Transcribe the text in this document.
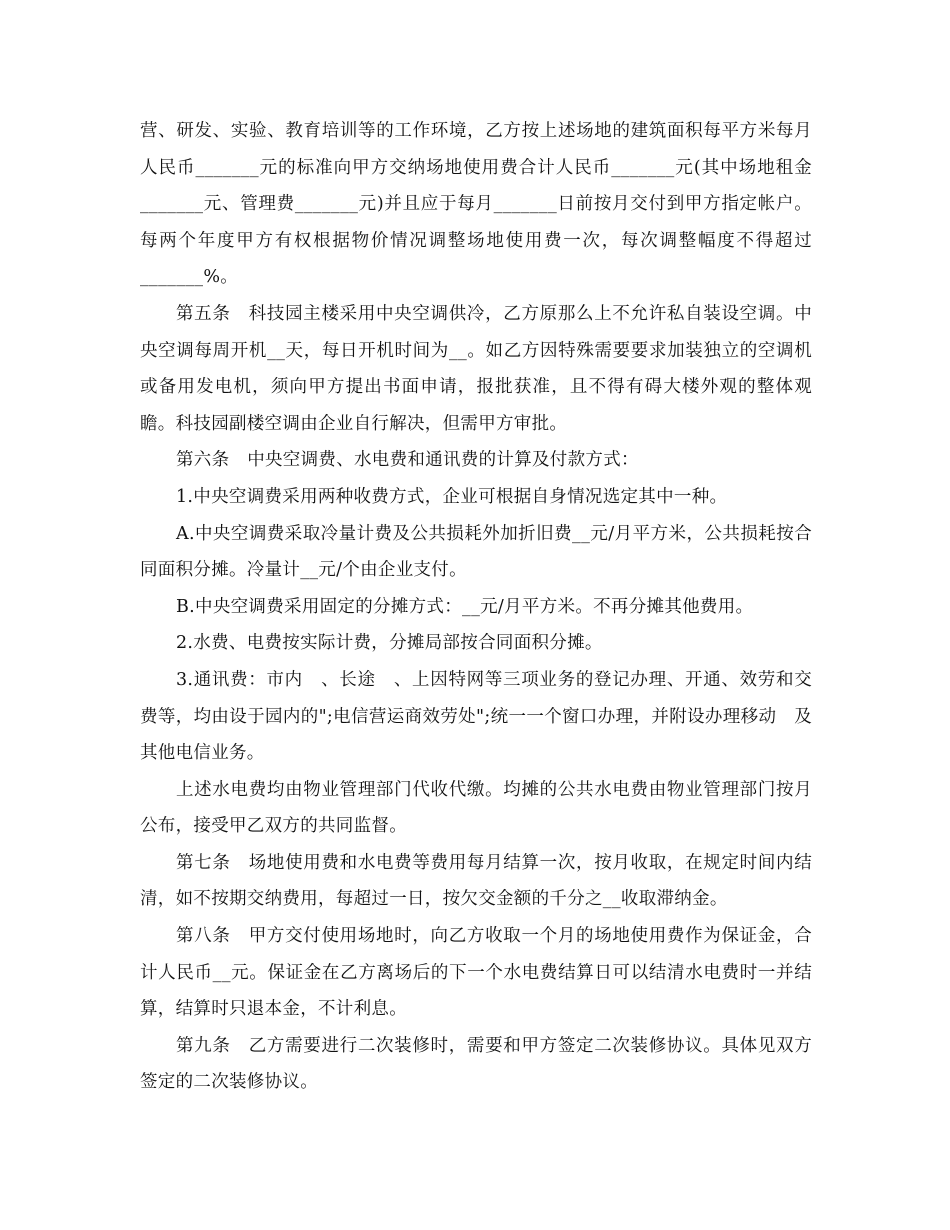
营、研发、实验、教育培训等的工作环境，乙方按上述场地的建筑面积每平方米每月人民币_______元的标准向甲方交纳场地使用费合计人民币_______元(其中场地租金_______元、管理费_______元)并且应于每月_______日前按月交付到甲方指定帐户。每两个年度甲方有权根据物价情况调整场地使用费一次，每次调整幅度不得超过_______%。

第五条　科技园主楼采用中央空调供冷，乙方原那么上不允许私自装设空调。中央空调每周开机__天，每日开机时间为__。如乙方因特殊需要要求加装独立的空调机或备用发电机，须向甲方提出书面申请，报批获准，且不得有碍大楼外观的整体观瞻。科技园副楼空调由企业自行解决，但需甲方审批。

第六条　中央空调费、水电费和通讯费的计算及付款方式：

1.中央空调费采用两种收费方式，企业可根据自身情况选定其中一种。

A.中央空调费采取冷量计费及公共损耗外加折旧费__元/月平方米，公共损耗按合同面积分摊。冷量计__元/个由企业支付。

B.中央空调费采用固定的分摊方式：__元/月平方米。不再分摊其他费用。

2.水费、电费按实际计费，分摊局部按合同面积分摊。

3.通讯费：市内　、长途　、上因特网等三项业务的登记办理、开通、效劳和交费等，均由设于园内的";电信营运商效劳处";统一一个窗口办理，并附设办理移动　及其他电信业务。

上述水电费均由物业管理部门代收代缴。均摊的公共水电费由物业管理部门按月公布，接受甲乙双方的共同监督。

第七条　场地使用费和水电费等费用每月结算一次，按月收取，在规定时间内结清，如不按期交纳费用，每超过一日，按欠交金额的千分之__收取滞纳金。

第八条　甲方交付使用场地时，向乙方收取一个月的场地使用费作为保证金，合计人民币__元。保证金在乙方离场后的下一个水电费结算日可以结清水电费时一并结算，结算时只退本金，不计利息。

第九条　乙方需要进行二次装修时，需要和甲方签定二次装修协议。具体见双方签定的二次装修协议。
